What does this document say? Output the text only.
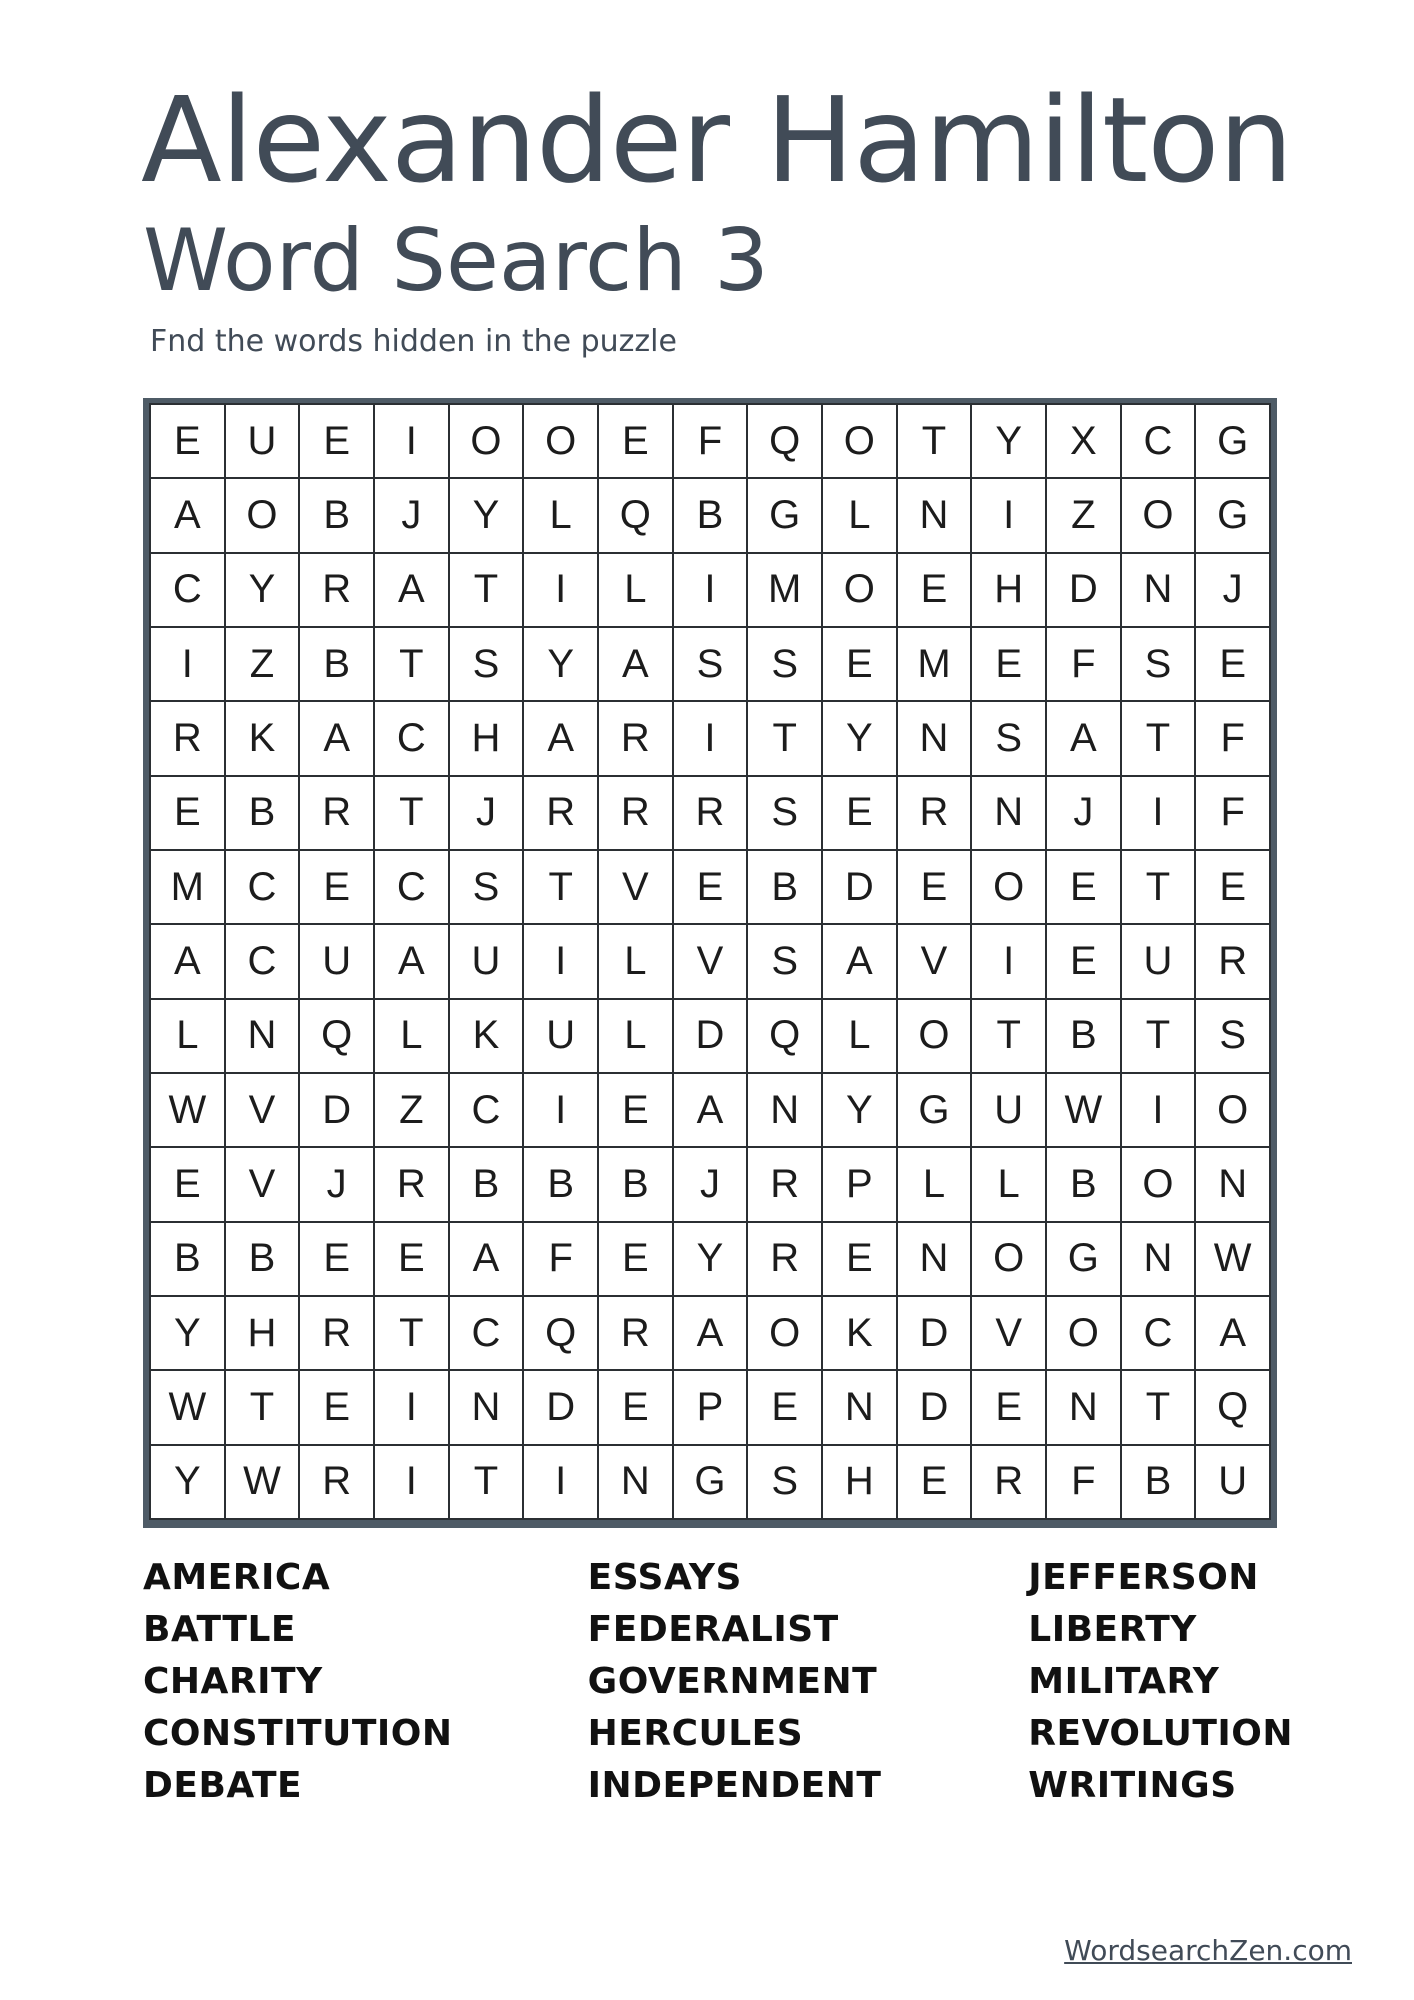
Alexander Hamilton
Word Search 3
Fnd the words hidden in the puzzle
E	U	E	I	O	O	E	F	Q	O	T	Y	X	C	G
A	O	B	J	Y	L	Q	B	G	L	N	I	Z	O	G
C	Y	R	A	T	I	L	I	M	O	E	H	D	N	J
I	Z	B	T	S	Y	A	S	S	E	M	E	F	S	E
R	K	A	C	H	A	R	I	T	Y	N	S	A	T	F
E	B	R	T	J	R	R	R	S	E	R	N	J	I	F
M	C	E	C	S	T	V	E	B	D	E	O	E	T	E
A	C	U	A	U	I	L	V	S	A	V	I	E	U	R
L	N	Q	L	K	U	L	D	Q	L	O	T	B	T	S
W	V	D	Z	C	I	E	A	N	Y	G	U	W	I	O
E	V	J	R	B	B	B	J	R	P	L	L	B	O	N
B	B	E	E	A	F	E	Y	R	E	N	O	G	N	W
Y	H	R	T	C	Q	R	A	O	K	D	V	O	C	A
W	T	E	I	N	D	E	P	E	N	D	E	N	T	Q
Y	W	R	I	T	I	N	G	S	H	E	R	F	B	U
AMERICA
BATTLE
CHARITY
CONSTITUTION
DEBATE
ESSAYS
FEDERALIST
GOVERNMENT
HERCULES
INDEPENDENT
JEFFERSON
LIBERTY
MILITARY
REVOLUTION
WRITINGS
WordsearchZen.com
